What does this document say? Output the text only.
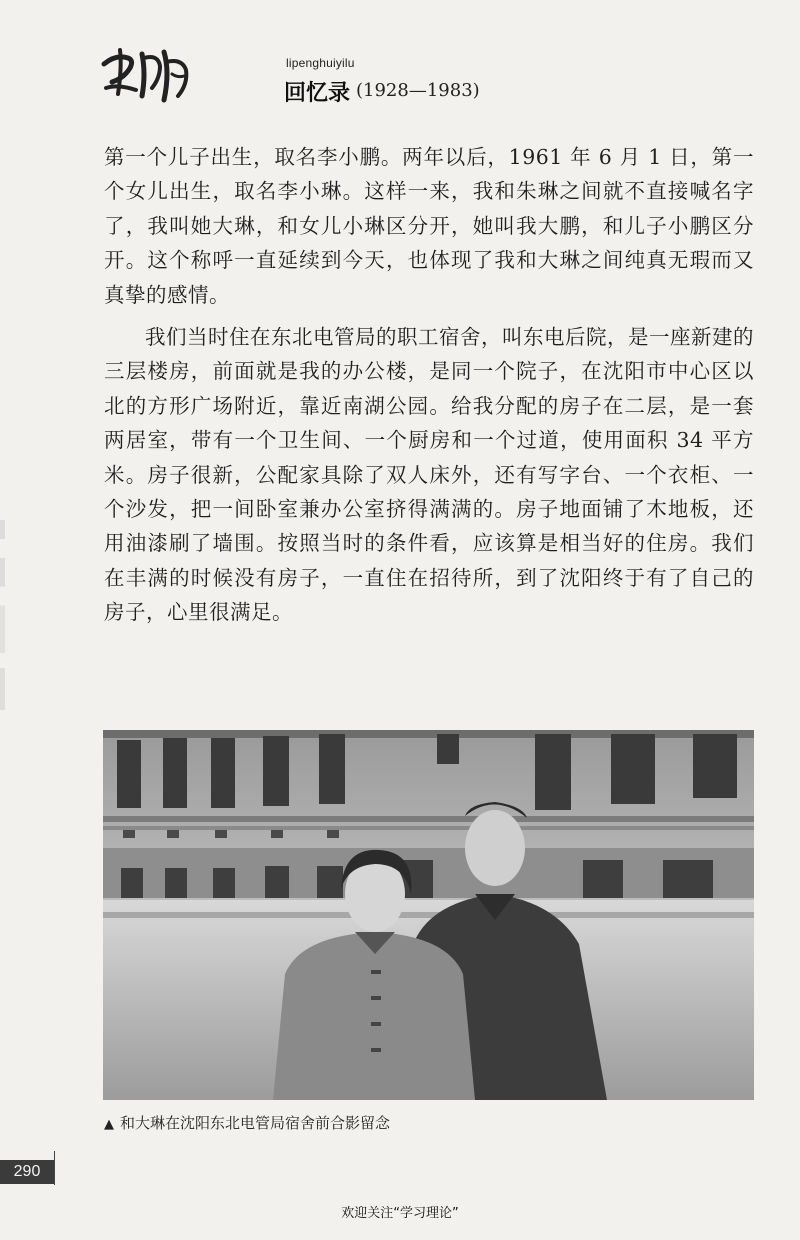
lipenghuiyilu
回忆录 (1928—1983)

第一个儿子出生，取名李小鹏。两年以后，1961 年 6 月 1 日，第一个女儿出生，取名李小琳。这样一来，我和朱琳之间就不直接喊名字了，我叫她大琳，和女儿小琳区分开，她叫我大鹏，和儿子小鹏区分开。这个称呼一直延续到今天，也体现了我和大琳之间纯真无瑕而又真挚的感情。

我们当时住在东北电管局的职工宿舍，叫东电后院，是一座新建的三层楼房，前面就是我的办公楼，是同一个院子，在沈阳市中心区以北的方形广场附近，靠近南湖公园。给我分配的房子在二层，是一套两居室，带有一个卫生间、一个厨房和一个过道，使用面积 34 平方米。房子很新，公配家具除了双人床外，还有写字台、一个衣柜、一个沙发，把一间卧室兼办公室挤得满满的。房子地面铺了木地板，还用油漆刷了墙围。按照当时的条件看，应该算是相当好的住房。我们在丰满的时候没有房子，一直住在招待所，到了沈阳终于有了自己的房子，心里很满足。

▲ 和大琳在沈阳东北电管局宿舍前合影留念
290
欢迎关注“学习理论”
